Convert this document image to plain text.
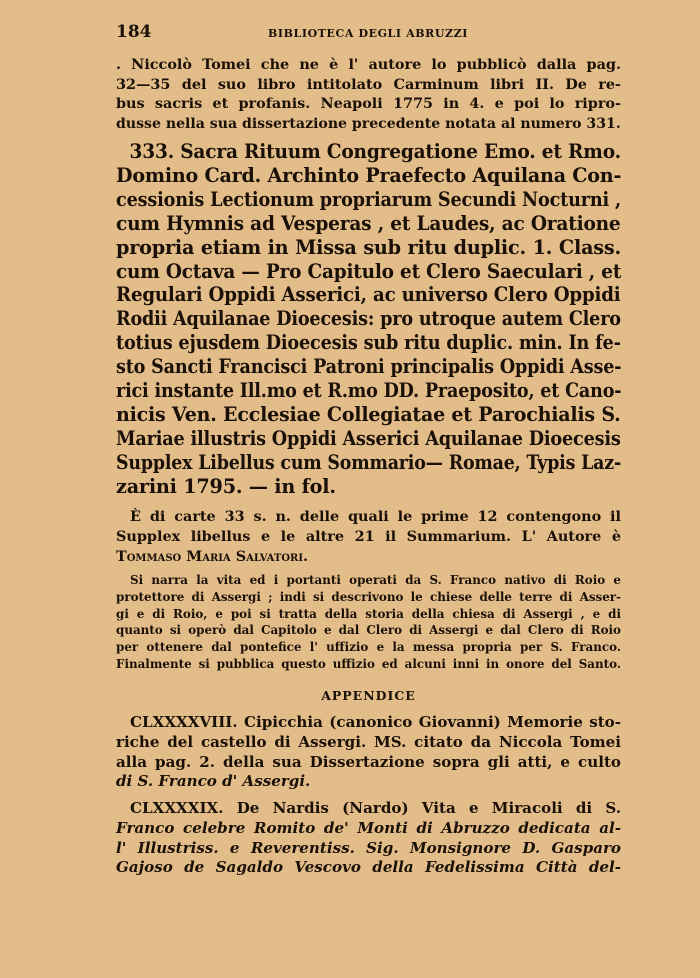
184	BIBLIOTECA DEGLI ABRUZZI
. Niccolò Tomei che ne è l' autore lo pubblicò dalla pag.
32—35 del suo libro intitolato Carminum libri II. De re-
bus sacris et profanis. Neapoli 1775 in 4. e poi lo ripro-
dusse nella sua dissertazione precedente notata al numero 331.
333. Sacra Rituum Congregatione Emo. et Rmo.
Domino Card. Archinto Praefecto Aquilana Con-
cessionis Lectionum propriarum Secundi Nocturni ,
cum Hymnis ad Vesperas , et Laudes, ac Oratione
propria etiam in Missa sub ritu duplic. 1. Class.
cum Octava — Pro Capitulo et Clero Saeculari , et
Regulari Oppidi Asserici, ac universo Clero Oppidi
Rodii Aquilanae Dioecesis: pro utroque autem Clero
totius ejusdem Dioecesis sub ritu duplic. min. In fe-
sto Sancti Francisci Patroni principalis Oppidi Asse-
rici instante Ill.mo et R.mo DD. Praeposito, et Cano-
nicis Ven. Ecclesiae Collegiatae et Parochialis S.
Mariae illustris Oppidi Asserici Aquilanae Dioecesis
Supplex Libellus cum Sommario— Romae, Typis Laz-
zarini 1795. — in fol.
È di carte 33 s. n. delle quali le prime 12 contengono il
Supplex libellus e le altre 21 il Summarium. L' Autore è
Tommaso Maria Salvatori.
Si narra la vita ed i portanti operati da S. Franco nativo di Roio e
protettore di Assergi ; indi si descrivono le chiese delle terre di Asser-
gi e di Roio, e poi si tratta della storia della chiesa di Assergi , e di
quanto si operò dal Capitolo e dal Clero di Assergi e dal Clero di Roio
per ottenere dal pontefice l' uffizio e la messa propria per S. Franco.
Finalmente si pubblica questo uffizio ed alcuni inni in onore del Santo.
APPENDICE
CLXXXXVIII. Cipicchia (canonico Giovanni) Memorie sto-
riche del castello di Assergi. MS. citato da Niccola Tomei
alla pag. 2. della sua Dissertazione sopra gli atti, e culto
di S. Franco d' Assergi.
CLXXXXIX. De Nardis (Nardo) Vita e Miracoli di S.
Franco celebre Romito de' Monti di Abruzzo dedicata al-
l' Illustriss. e Reverentiss. Sig. Monsignore D. Gasparo
Gajoso de Sagaldo Vescovo della Fedelissima Città del-
